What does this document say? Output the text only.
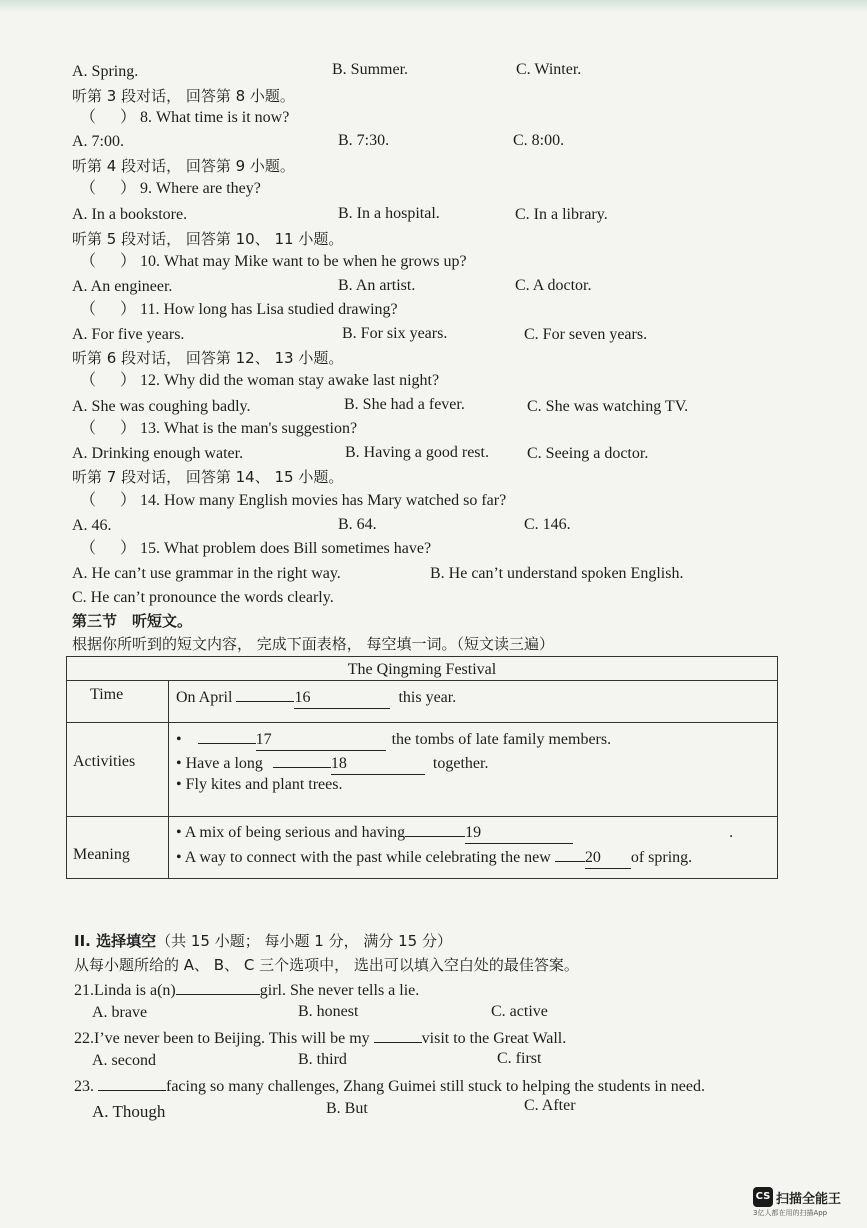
A. Spring.	B. Summer.	C. Winter.
听第 3 段对话， 回答第 8 小题。
（ ） 8. What time is it now?
A. 7:00.	B. 7:30.	C. 8:00.
听第 4 段对话， 回答第 9 小题。
（ ） 9. Where are they?
A. In a bookstore.	B. In a hospital.	C. In a library.
听第 5 段对话， 回答第 10、 11 小题。
（ ） 10. What may Mike want to be when he grows up?
A. An engineer.	B. An artist.	C. A doctor.
（ ） 11. How long has Lisa studied drawing?
A. For five years.	B. For six years.	C. For seven years.
听第 6 段对话， 回答第 12、 13 小题。
（ ） 12. Why did the woman stay awake last night?
A. She was coughing badly.	B. She had a fever.	C. She was watching TV.
（ ） 13. What is the man's suggestion?
A. Drinking enough water.	B. Having a good rest. C. Seeing a doctor.
听第 7 段对话， 回答第 14、 15 小题。
（ ） 14. How many English movies has Mary watched so far?
A. 46.	B. 64.	C. 146.
（ ） 15. What problem does Bill sometimes have?
A. He can’t use grammar in the right way.	B. He can’t understand spoken English.
C. He can’t pronounce the words clearly.
第三节　听短文。
根据你所听到的短文内容， 完成下面表格， 每空填一词。（短文读三遍）
The Qingming Festival
Time	On April	16	this year.
Activities
•	17	the tombs of late family members.
• Have a long	18	together.
• Fly kites and plant trees.
Meaning
• A mix of being serious and having	19	.
• A way to connect with the past while celebrating the new 20 of spring.
II. 选择填空（共 15 小题； 每小题 1 分， 满分 15 分）
从每小题所给的 A、 B、 C 三个选项中， 选出可以填入空白处的最佳答案。
21.Linda is a(n)	girl. She never tells a lie.
A. brave	B. honest	C. active
22.I’ve never been to Beijing. This will be my	visit to the Great Wall.
A. second	B. third	C. first
23.	facing so many challenges, Zhang Guimei still stuck to helping the students in need.
A. Though	B. But	C. After
CS 扫描全能王
3亿人都在用的扫描App
